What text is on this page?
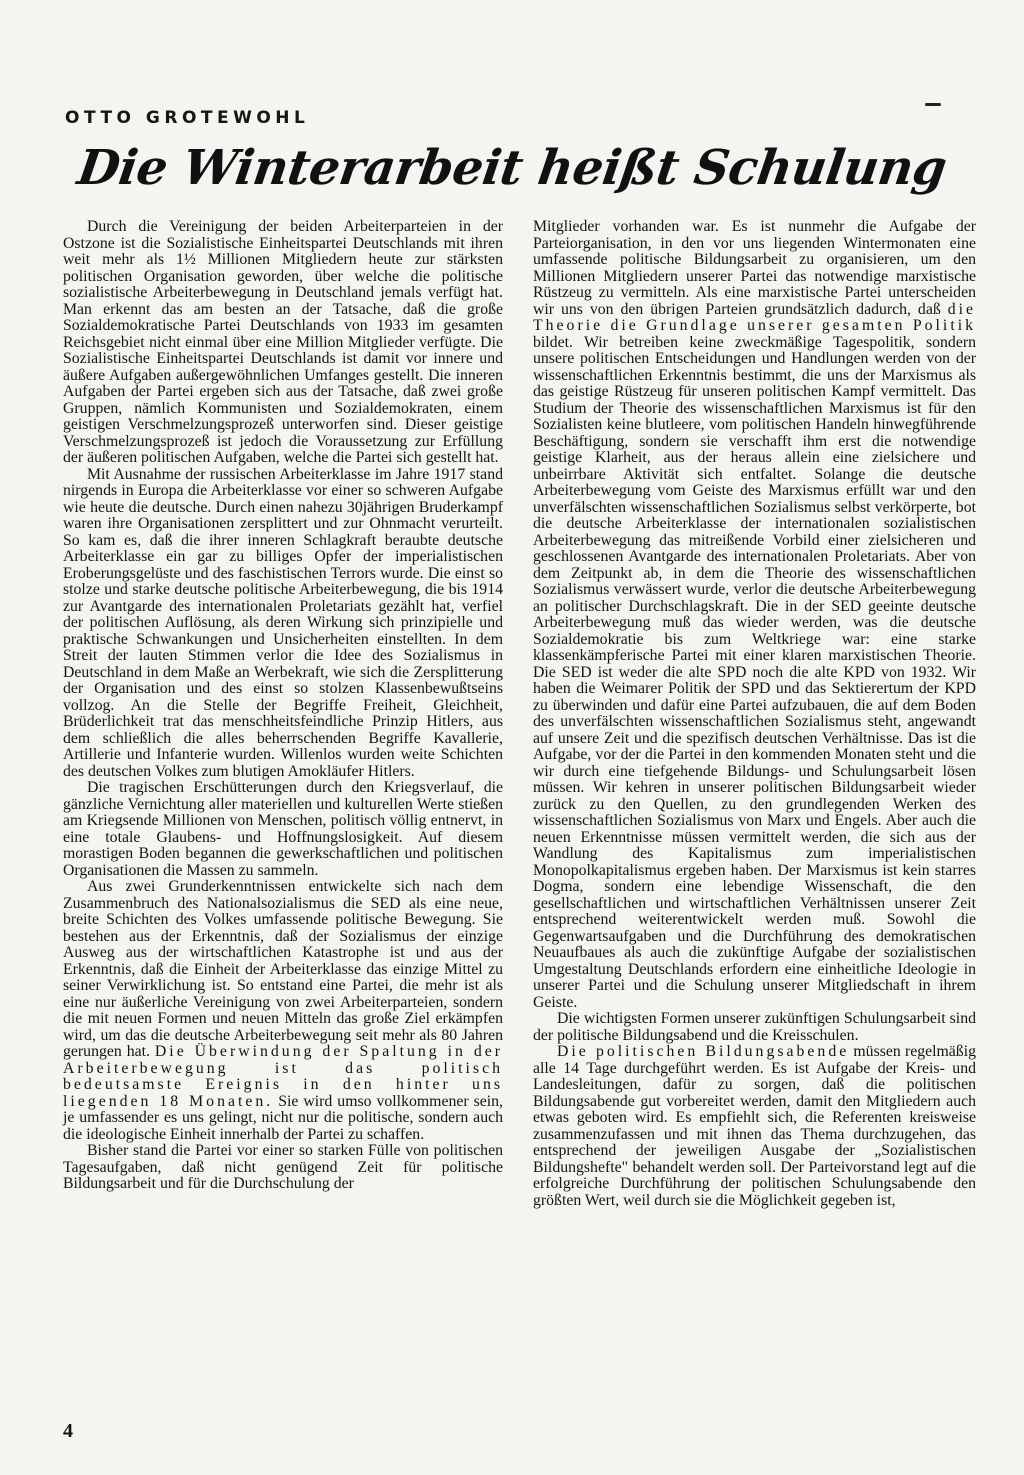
OTTO GROTEWOHL
Die Winterarbeit heißt Schulung

Durch die Vereinigung der beiden Arbeiterparteien in der Ostzone ist die Sozialistische Einheitspartei Deutschlands mit ihren weit mehr als 1½ Millionen Mitgliedern heute zur stärksten politischen Organisation geworden, über welche die politische sozialistische Arbeiterbewegung in Deutschland jemals verfügt hat. Man erkennt das am besten an der Tatsache, daß die große Sozialdemokratische Partei Deutschlands von 1933 im gesamten Reichsgebiet nicht einmal über eine Million Mitglieder verfügte. Die Sozialistische Einheitspartei Deutschlands ist damit vor innere und äußere Aufgaben außergewöhnlichen Umfanges gestellt. Die inneren Aufgaben der Partei ergeben sich aus der Tatsache, daß zwei große Gruppen, nämlich Kommunisten und Sozialdemokraten, einem geistigen Verschmelzungsprozeß unterworfen sind. Dieser geistige Verschmelzungsprozeß ist jedoch die Voraussetzung zur Erfüllung der äußeren politischen Aufgaben, welche die Partei sich gestellt hat.

Mit Ausnahme der russischen Arbeiterklasse im Jahre 1917 stand nirgends in Europa die Arbeiterklasse vor einer so schweren Aufgabe wie heute die deutsche. Durch einen nahezu 30jährigen Bruderkampf waren ihre Organisationen zersplittert und zur Ohnmacht verurteilt. So kam es, daß die ihrer inneren Schlagkraft beraubte deutsche Arbeiterklasse ein gar zu billiges Opfer der imperialistischen Eroberungsgelüste und des faschistischen Terrors wurde. Die einst so stolze und starke deutsche politische Arbeiterbewegung, die bis 1914 zur Avantgarde des internationalen Proletariats gezählt hat, verfiel der politischen Auflösung, als deren Wirkung sich prinzipielle und praktische Schwankungen und Unsicherheiten einstellten. In dem Streit der lauten Stimmen verlor die Idee des Sozialismus in Deutschland in dem Maße an Werbekraft, wie sich die Zersplitterung der Organisation und des einst so stolzen Klassenbewußtseins vollzog. An die Stelle der Begriffe Freiheit, Gleichheit, Brüderlichkeit trat das menschheitsfeindliche Prinzip Hitlers, aus dem schließlich die alles beherrschenden Begriffe Kavallerie, Artillerie und Infanterie wurden. Willenlos wurden weite Schichten des deutschen Volkes zum blutigen Amokläufer Hitlers.

Die tragischen Erschütterungen durch den Kriegsverlauf, die gänzliche Vernichtung aller materiellen und kulturellen Werte stießen am Kriegsende Millionen von Menschen, politisch völlig entnervt, in eine totale Glaubens- und Hoffnungslosigkeit. Auf diesem morastigen Boden begannen die gewerkschaftlichen und politischen Organisationen die Massen zu sammeln.

Aus zwei Grunderkenntnissen entwickelte sich nach dem Zusammenbruch des Nationalsozialismus die SED als eine neue, breite Schichten des Volkes umfassende politische Bewegung. Sie bestehen aus der Erkenntnis, daß der Sozialismus der einzige Ausweg aus der wirtschaftlichen Katastrophe ist und aus der Erkenntnis, daß die Einheit der Arbeiterklasse das einzige Mittel zu seiner Verwirklichung ist. So entstand eine Partei, die mehr ist als eine nur äußerliche Vereinigung von zwei Arbeiterparteien, sondern die mit neuen Formen und neuen Mitteln das große Ziel erkämpfen wird, um das die deutsche Arbeiterbewegung seit mehr als 80 Jahren gerungen hat. Die Überwindung der Spaltung in der Arbeiterbewegung ist das politisch bedeutsamste Ereignis in den hinter uns liegenden 18 Monaten. Sie wird umso vollkommener sein, je umfassender es uns gelingt, nicht nur die politische, sondern auch die ideologische Einheit innerhalb der Partei zu schaffen.

Bisher stand die Partei vor einer so starken Fülle von politischen Tagesaufgaben, daß nicht genügend Zeit für politische Bildungsarbeit und für die Durchschulung der

Mitglieder vorhanden war. Es ist nunmehr die Aufgabe der Parteiorganisation, in den vor uns liegenden Wintermonaten eine umfassende politische Bildungsarbeit zu organisieren, um den Millionen Mitgliedern unserer Partei das notwendige marxistische Rüstzeug zu vermitteln. Als eine marxistische Partei unterscheiden wir uns von den übrigen Parteien grundsätzlich dadurch, daß die Theorie die Grundlage unserer gesamten Politik bildet. Wir betreiben keine zweckmäßige Tagespolitik, sondern unsere politischen Entscheidungen und Handlungen werden von der wissenschaftlichen Erkenntnis bestimmt, die uns der Marxismus als das geistige Rüstzeug für unseren politischen Kampf vermittelt. Das Studium der Theorie des wissenschaftlichen Marxismus ist für den Sozialisten keine blutleere, vom politischen Handeln hinwegführende Beschäftigung, sondern sie verschafft ihm erst die notwendige geistige Klarheit, aus der heraus allein eine zielsichere und unbeirrbare Aktivität sich entfaltet. Solange die deutsche Arbeiterbewegung vom Geiste des Marxismus erfüllt war und den unverfälschten wissenschaftlichen Sozialismus selbst verkörperte, bot die deutsche Arbeiterklasse der internationalen sozialistischen Arbeiterbewegung das mitreißende Vorbild einer zielsicheren und geschlossenen Avantgarde des internationalen Proletariats. Aber von dem Zeitpunkt ab, in dem die Theorie des wissenschaftlichen Sozialismus verwässert wurde, verlor die deutsche Arbeiterbewegung an politischer Durchschlagskraft. Die in der SED geeinte deutsche Arbeiterbewegung muß das wieder werden, was die deutsche Sozialdemokratie bis zum Weltkriege war: eine starke klassenkämpferische Partei mit einer klaren marxistischen Theorie. Die SED ist weder die alte SPD noch die alte KPD von 1932. Wir haben die Weimarer Politik der SPD und das Sektierertum der KPD zu überwinden und dafür eine Partei aufzubauen, die auf dem Boden des unverfälschten wissenschaftlichen Sozialismus steht, angewandt auf unsere Zeit und die spezifisch deutschen Verhältnisse. Das ist die Aufgabe, vor der die Partei in den kommenden Monaten steht und die wir durch eine tiefgehende Bildungs- und Schulungsarbeit lösen müssen. Wir kehren in unserer politischen Bildungsarbeit wieder zurück zu den Quellen, zu den grundlegenden Werken des wissenschaftlichen Sozialismus von Marx und Engels. Aber auch die neuen Erkenntnisse müssen vermittelt werden, die sich aus der Wandlung des Kapitalismus zum imperialistischen Monopolkapitalismus ergeben haben. Der Marxismus ist kein starres Dogma, sondern eine lebendige Wissenschaft, die den gesellschaftlichen und wirtschaftlichen Verhältnissen unserer Zeit entsprechend weiterentwickelt werden muß. Sowohl die Gegenwartsaufgaben und die Durchführung des demokratischen Neuaufbaues als auch die zukünftige Aufgabe der sozialistischen Umgestaltung Deutschlands erfordern eine einheitliche Ideologie in unserer Partei und die Schulung unserer Mitgliedschaft in ihrem Geiste.

Die wichtigsten Formen unserer zukünftigen Schulungsarbeit sind der politische Bildungsabend und die Kreisschulen.

Die politischen Bildungsabende müssen regelmäßig alle 14 Tage durchgeführt werden. Es ist Aufgabe der Kreis- und Landesleitungen, dafür zu sorgen, daß die politischen Bildungsabende gut vorbereitet werden, damit den Mitgliedern auch etwas geboten wird. Es empfiehlt sich, die Referenten kreisweise zusammenzufassen und mit ihnen das Thema durchzugehen, das entsprechend der jeweiligen Ausgabe der „Sozialistischen Bildungshefte" behandelt werden soll. Der Parteivorstand legt auf die erfolgreiche Durchführung der politischen Schulungsabende den größten Wert, weil durch sie die Möglichkeit gegeben ist,

4
